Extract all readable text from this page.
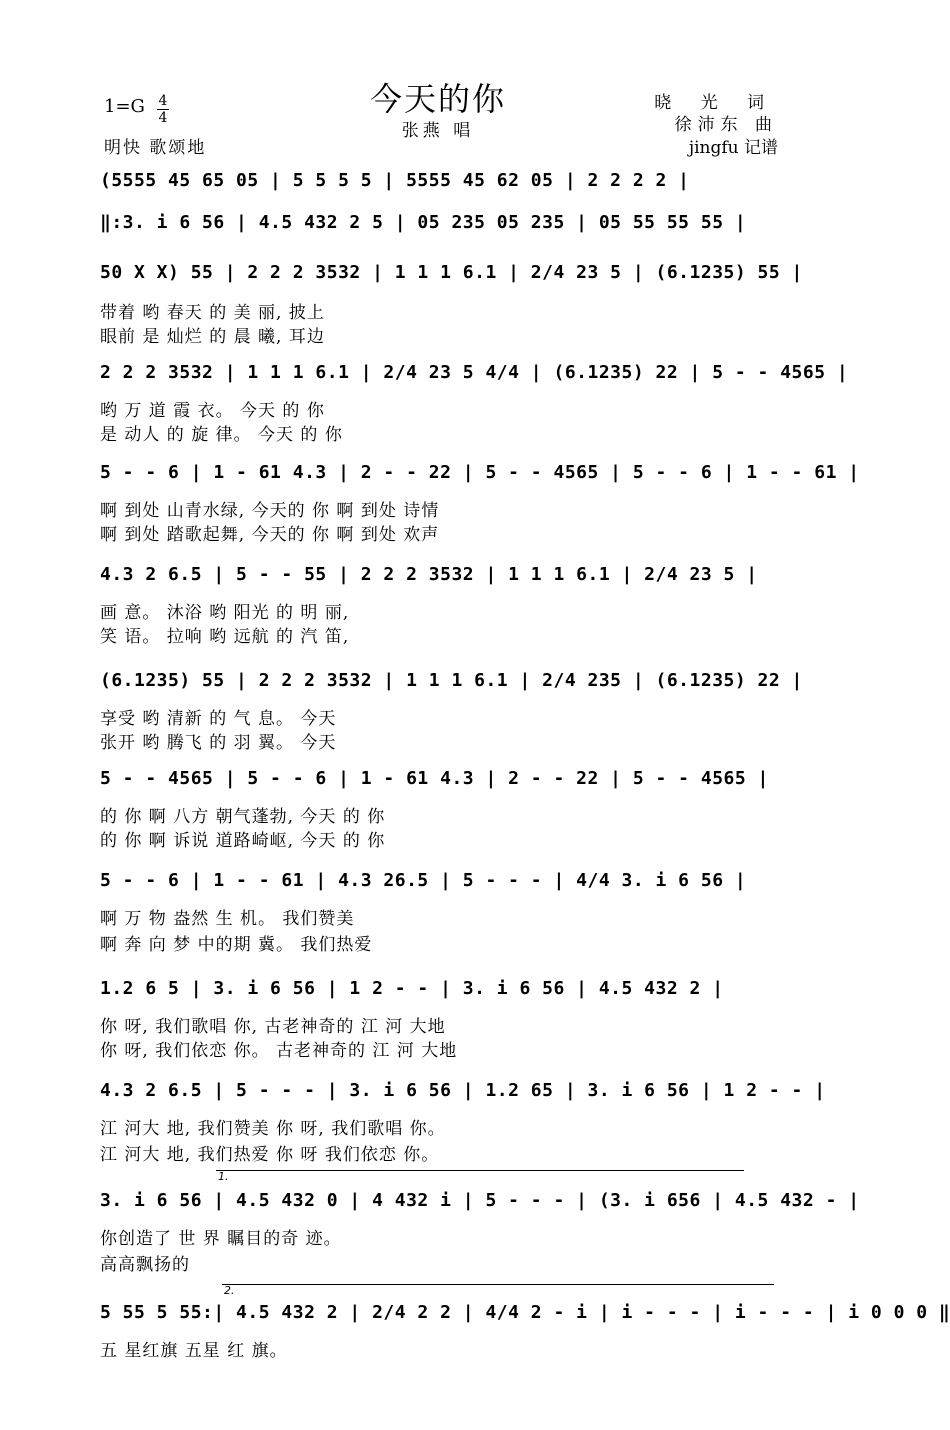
今天的你
张燕 唱
1=G 4
4
明快 歌颂地
晓 光 词
徐沛东 曲
jingfu 记谱
(5555 45 65 05 | 5 5 5 5 | 5555 45 62 05 | 2 2 2 2 |
‖:3. i 6 56 | 4.5 432 2 5 | 05 235 05 235 | 05 55 55 55 |
50 X X) 55 | 2 2 2 3532 | 1 1 1 6.1 | 2/4 23 5 | (6.1235) 55 |
带着 哟 春天 的 美 丽, 披上
眼前 是 灿烂 的 晨 曦, 耳边
2 2 2 3532 | 1 1 1 6.1 | 2/4 23 5 4/4 | (6.1235) 22 | 5 - - 4565 |
哟 万 道 霞 衣。 今天 的 你
是 动人 的 旋 律。 今天 的 你
5 - - 6 | 1 - 61 4.3 | 2 - - 22 | 5 - - 4565 | 5 - - 6 | 1 - - 61 |
啊 到处 山青水绿, 今天的 你 啊 到处 诗情
啊 到处 踏歌起舞, 今天的 你 啊 到处 欢声
4.3 2 6.5 | 5 - - 55 | 2 2 2 3532 | 1 1 1 6.1 | 2/4 23 5 |
画 意。 沐浴 哟 阳光 的 明 丽,
笑 语。 拉响 哟 远航 的 汽 笛,
(6.1235) 55 | 2 2 2 3532 | 1 1 1 6.1 | 2/4 235 | (6.1235) 22 |
享受 哟 清新 的 气 息。 今天
张开 哟 腾飞 的 羽 翼。 今天
5 - - 4565 | 5 - - 6 | 1 - 61 4.3 | 2 - - 22 | 5 - - 4565 |
的 你 啊 八方 朝气蓬勃, 今天 的 你
的 你 啊 诉说 道路崎岖, 今天 的 你
5 - - 6 | 1 - - 61 | 4.3 26.5 | 5 - - - | 4/4 3. i 6 56 |
啊 万 物 盎然 生 机。 我们赞美
啊 奔 向 梦 中的期 冀。 我们热爱
1.2 6 5 | 3. i 6 56 | 1 2 - - | 3. i 6 56 | 4.5 432 2 |
你 呀, 我们歌唱 你, 古老神奇的 江 河 大地
你 呀, 我们依恋 你。 古老神奇的 江 河 大地
4.3 2 6.5 | 5 - - - | 3. i 6 56 | 1.2 65 | 3. i 6 56 | 1 2 - - |
江 河大 地, 我们赞美 你 呀, 我们歌唱 你。
江 河大 地, 我们热爱 你 呀 我们依恋 你。
1.
3. i 6 56 | 4.5 432 0 | 4 432 i | 5 - - - | (3. i 656 | 4.5 432 - |
你创造了 世 界 瞩目的奇 迹。
高高飘扬的
2.
5 55 5 55:| 4.5 432 2 | 2/4 2 2 | 4/4 2 - i | i - - - | i - - - | i 0 0 0 ‖
五 星红旗 五星 红 旗。
